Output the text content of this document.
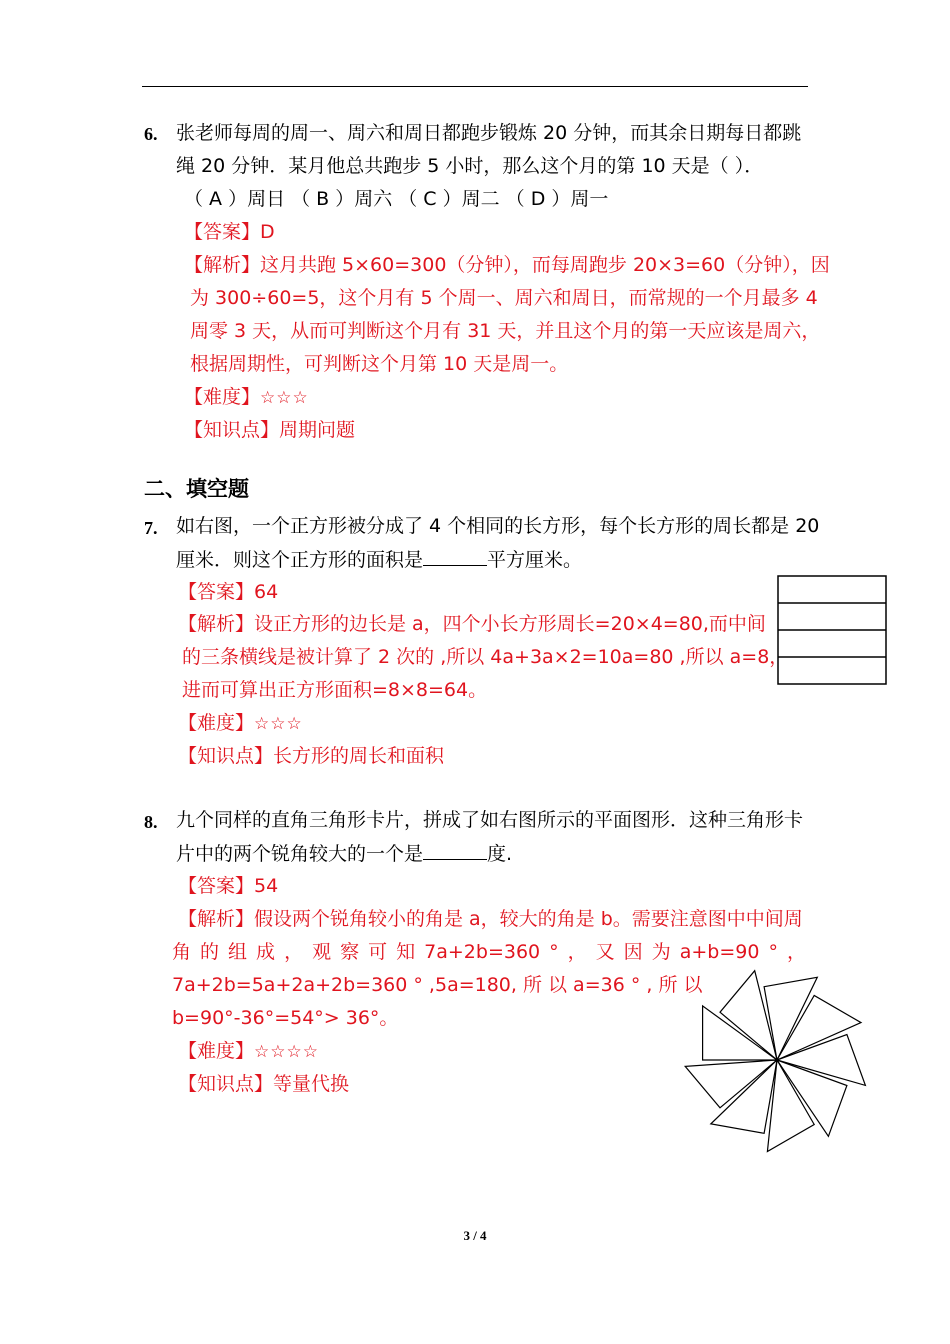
6. 张老师每周的周一、周六和周日都跑步锻炼 20 分钟，而其余日期每日都跳
绳 20 分钟．某月他总共跑步 5 小时，那么这个月的第 10 天是（ ）．
（ A ）周日 （ B ）周六 （ C ）周二 （ D ）周一
【答案】D
【解析】这月共跑 5×60=300（分钟），而每周跑步 20×3=60（分钟），因
为 300÷60=5，这个月有 5 个周一、周六和周日，而常规的一个月最多 4
周零 3 天，从而可判断这个月有 31 天，并且这个月的第一天应该是周六，
根据周期性，可判断这个月第 10 天是周一。
【难度】☆☆☆
【知识点】周期问题
二、填空题
7. 如右图，一个正方形被分成了 4 个相同的长方形，每个长方形的周长都是 20
厘米．则这个正方形的面积是	平方厘米。
【答案】64
【解析】设正方形的边长是 a，四个小长方形周长=20×4=80,而中间
的三条横线是被计算了 2 次的 ,所以 4a+3a×2=10a=80 ,所以 a=8，
进而可算出正方形面积=8×8=64。
【难度】☆☆☆
【知识点】长方形的周长和面积
8. 九个同样的直角三角形卡片，拼成了如右图所示的平面图形．这种三角形卡
片中的两个锐角较大的一个是	度.
【答案】54
【解析】假设两个锐角较小的角是 a，较大的角是 b。需要注意图中中间周
角 的 组 成 ， 观 察 可 知 7a+2b=360 ° ， 又 因 为 a+b=90 ° ，
7a+2b=5a+2a+2b=360 ° ,5a=180, 所 以 a=36 ° , 所 以
b=90°-36°=54°> 36°。
【难度】☆☆☆☆
【知识点】等量代换
3 / 4
